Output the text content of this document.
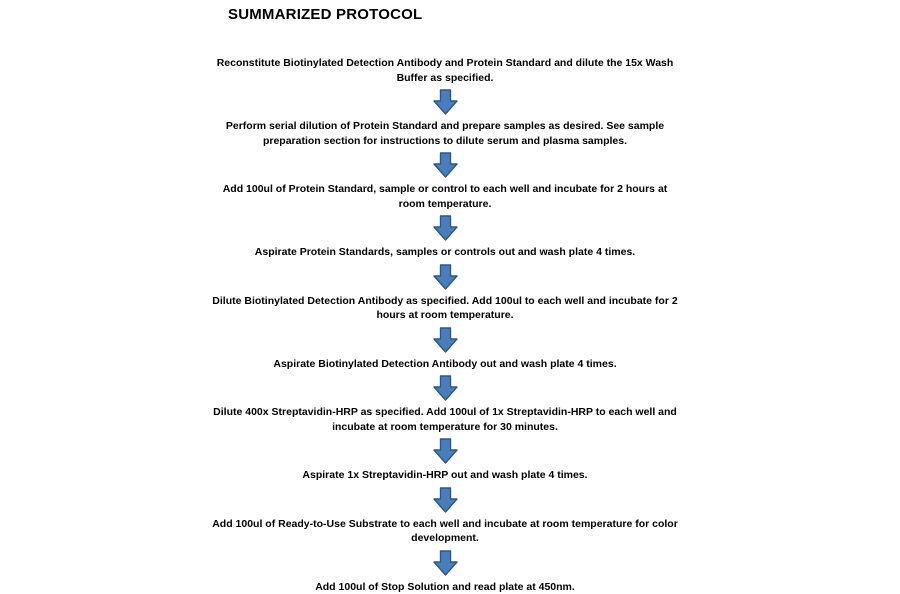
SUMMARIZED PROTOCOL
Reconstitute Biotinylated Detection Antibody and Protein Standard and dilute the 15x Wash Buffer as specified.
Perform serial dilution of Protein Standard and prepare samples as desired. See sample preparation section for instructions to dilute serum and plasma samples.
Add 100ul of Protein Standard, sample or control to each well and incubate for 2 hours at room temperature.
Aspirate Protein Standards, samples or controls out and wash plate 4 times.
Dilute Biotinylated Detection Antibody as specified. Add 100ul to each well and incubate for 2 hours at room temperature.
Aspirate Biotinylated Detection Antibody out and wash plate 4 times.
Dilute 400x Streptavidin-HRP as specified. Add 100ul of 1x Streptavidin-HRP to each well and incubate at room temperature for 30 minutes.
Aspirate 1x Streptavidin-HRP out and wash plate 4 times.
Add 100ul of Ready-to-Use Substrate to each well and incubate at room temperature for color development.
Add 100ul of Stop Solution and read plate at 450nm.
